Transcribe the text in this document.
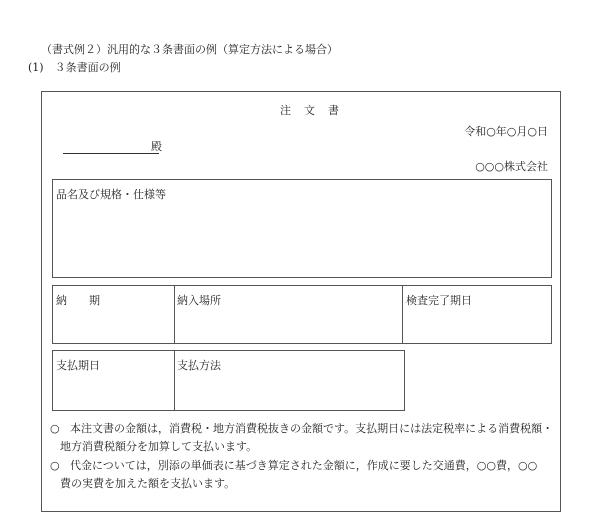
（書式例２）汎用的な３条書面の例（算定方法による場合）
(1)　３条書面の例
注　文　書
令和○年○月○日
殿
○○○株式会社
品名及び規格・仕様等
納　　期	納入場所	検査完了期日
支払期日	支払方法
○ 本注文書の金額は，消費税・地方消費税抜きの金額です。支払期日には法定税率による消費税額・
地方消費税額分を加算して支払います。
○ 代金については，別添の単価表に基づき算定された金額に，作成に要した交通費，○○費，○○
費の実費を加えた額を支払います。
